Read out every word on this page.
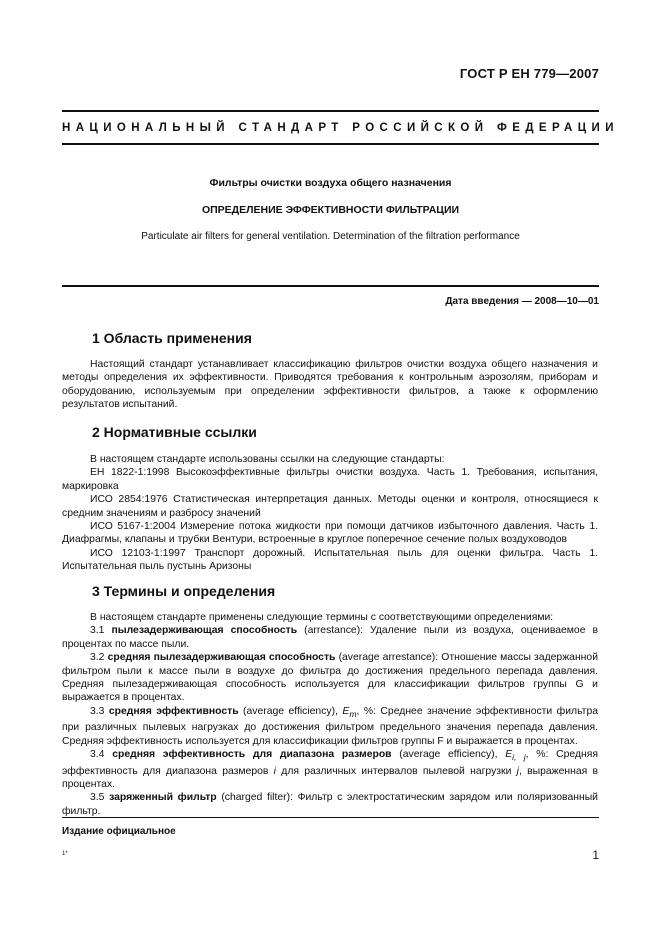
ГОСТ Р ЕН 779—2007
НАЦИОНАЛЬНЫЙ СТАНДАРТ РОССИЙСКОЙ ФЕДЕРАЦИИ
Фильтры очистки воздуха общего назначения
ОПРЕДЕЛЕНИЕ ЭФФЕКТИВНОСТИ ФИЛЬТРАЦИИ
Particulate air filters for general ventilation. Determination of the filtration performance
Дата введения — 2008—10—01
1 Область применения

Настоящий стандарт устанавливает классификацию фильтров очистки воздуха общего назначения и методы определения их эффективности. Приводятся требования к контрольным аэрозолям, приборам и оборудованию, используемым при определении эффективности фильтров, а также к оформлению результатов испытаний.

2 Нормативные ссылки

В настоящем стандарте использованы ссылки на следующие стандарты:

ЕН 1822-1:1998 Высокоэффективные фильтры очистки воздуха. Часть 1. Требования, испытания, маркировка

ИСО 2854:1976 Статистическая интерпретация данных. Методы оценки и контроля, относящиеся к средним значениям и разбросу значений

ИСО 5167-1:2004 Измерение потока жидкости при помощи датчиков избыточного давления. Часть 1. Диафрагмы, клапаны и трубки Вентури, встроенные в круглое поперечное сечение полых воздуховодов

ИСО 12103-1:1997 Транспорт дорожный. Испытательная пыль для оценки фильтра. Часть 1. Испытательная пыль пустынь Аризоны

3 Термины и определения

В настоящем стандарте применены следующие термины с соответствующими определениями:

3.1 пылезадерживающая способность (arrestance): Удаление пыли из воздуха, оцениваемое в процентах по массе пыли.

3.2 средняя пылезадерживающая способность (average arrestance): Отношение массы задержанной фильтром пыли к массе пыли в воздухе до фильтра до достижения предельного перепада давления. Средняя пылезадерживающая способность используется для классификации фильтров группы G и выражается в процентах.

3.3 средняя эффективность (average efficiency), $E_m$, %: Среднее значение эффективности фильтра при различных пылевых нагрузках до достижения фильтром предельного значения перепада давления. Средняя эффективность используется для классификации фильтров группы F и выражается в процентах.

3.4 средняя эффективность для диапазона размеров (average efficiency), $E_{i, j}$, %: Средняя эффективность для диапазона размеров i для различных интервалов пылевой нагрузки j, выраженная в процентах.

3.5 заряженный фильтр (charged filter): Фильтр с электростатическим зарядом или поляризованный фильтр.

Издание официальное
1*	1
